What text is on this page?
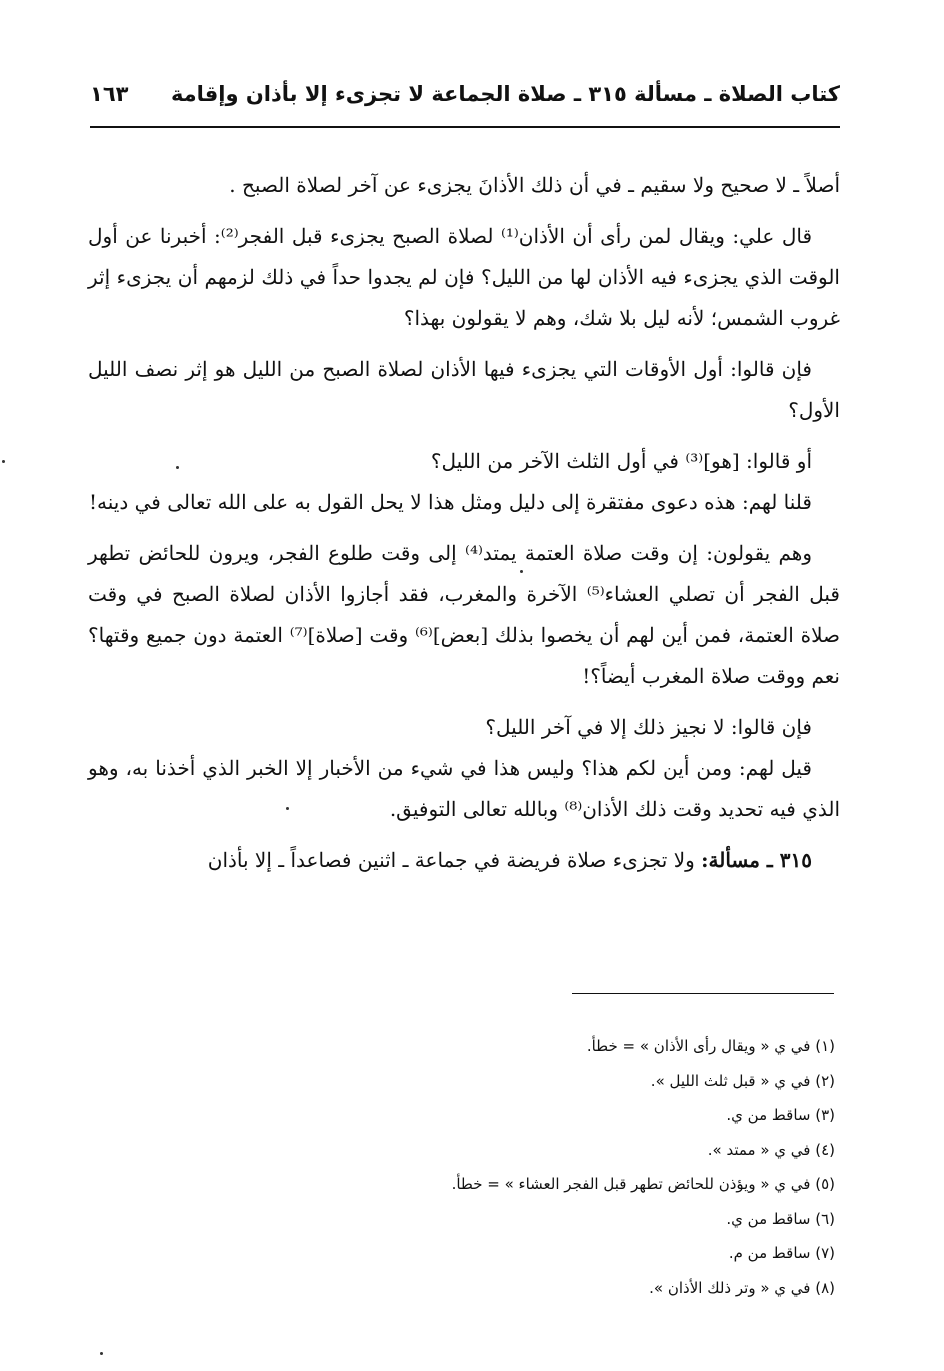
كتاب الصلاة ـ مسألة ٣١٥ ـ صلاة الجماعة لا تجزىء إلا بأذان وإقامة
١٦٣

أصلاً ـ لا صحيح ولا سقيم ـ في أن ذلك الأذانَ يجزىء عن آخر لصلاة الصبح .

قال علي: ويقال لمن رأى أن الأذان⁽¹⁾ لصلاة الصبح يجزىء قبل الفجر⁽²⁾: أخبرنا عن أول الوقت الذي يجزىء فيه الأذان لها من الليل؟ فإن لم يجدوا حداً في ذلك لزمهم أن يجزىء إثر غروب الشمس؛ لأنه ليل بلا شك، وهم لا يقولون بهذا؟

فإن قالوا: أول الأوقات التي يجزىء فيها الأذان لصلاة الصبح من الليل هو إثر نصف الليل الأول؟

أو قالوا: [هو]⁽³⁾ في أول الثلث الآخر من الليل؟

قلنا لهم: هذه دعوى مفتقرة إلى دليل ومثل هذا لا يحل القول به على الله تعالى في دينه!

وهم يقولون: إن وقت صلاة العتمة يمتد⁽⁴⁾ إلى وقت طلوع الفجر، ويرون للحائض تطهر قبل الفجر أن تصلي العشاء⁽⁵⁾ الآخرة والمغرب، فقد أجازوا الأذان لصلاة الصبح في وقت صلاة العتمة، فمن أين لهم أن يخصوا بذلك [بعض]⁽⁶⁾ وقت [صلاة]⁽⁷⁾ العتمة دون جميع وقتها؟ نعم ووقت صلاة المغرب أيضاً؟!

فإن قالوا: لا نجيز ذلك إلا في آخر الليل؟

قيل لهم: ومن أين لكم هذا؟ وليس هذا في شيء من الأخبار إلا الخبر الذي أخذنا به، وهو الذي فيه تحديد وقت ذلك الأذان⁽⁸⁾ وبالله تعالى التوفيق.

٣١٥ ـ مسألة: ولا تجزىء صلاة فريضة في جماعة ـ اثنين فصاعداً ـ إلا بأذان

(١) في ي « ويقال رأى الأذان » = خطأ.
(٢) في ي « قبل ثلث الليل ».
(٣) ساقط من ي.
(٤) في ي « ممتد ».
(٥) في ي « ويؤذن للحائض تطهر قبل الفجر العشاء » = خطأ.
(٦) ساقط من ي.
(٧) ساقط من م.
(٨) في ي « وتر ذلك الأذان ».
